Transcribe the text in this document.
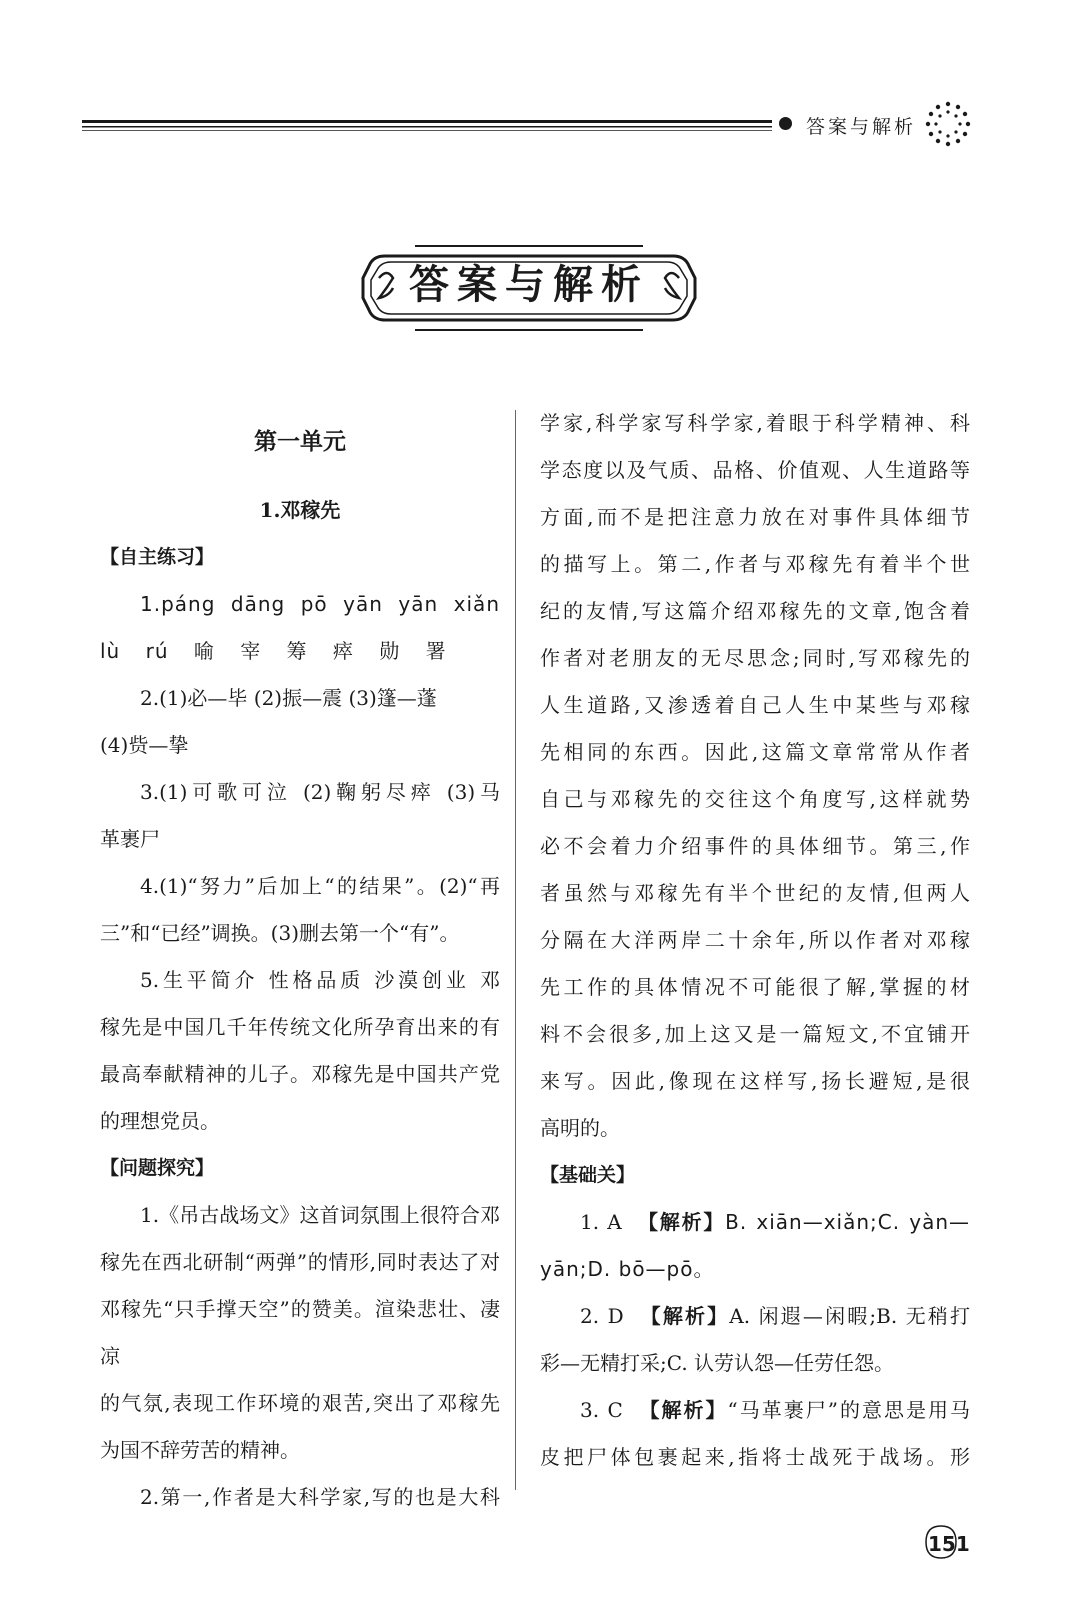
答案与解析
答案与解析
第一单元
1.邓稼先
【自主练习】
1.páng dāng pō yān yān xiǎn
lù rú 喻 宰 筹 瘁 勋 署
2.(1)必—毕 (2)振—震 (3)篷—蓬
(4)赀—挚
3.(1)可歌可泣 (2)鞠躬尽瘁 (3)马
革裹尸
4.(1)“努力”后加上“的结果”。(2)“再
三”和“已经”调换。(3)删去第一个“有”。
5.生平简介 性格品质 沙漠创业 邓
稼先是中国几千年传统文化所孕育出来的有
最高奉献精神的儿子。邓稼先是中国共产党
的理想党员。
【问题探究】
1.《吊古战场文》这首词氛围上很符合邓
稼先在西北研制“两弹”的情形,同时表达了对
邓稼先“只手撑天空”的赞美。渲染悲壮、凄凉
的气氛,表现工作环境的艰苦,突出了邓稼先
为国不辞劳苦的精神。
2.第一,作者是大科学家,写的也是大科
学家,科学家写科学家,着眼于科学精神、科
学态度以及气质、品格、价值观、人生道路等
方面,而不是把注意力放在对事件具体细节
的描写上。第二,作者与邓稼先有着半个世
纪的友情,写这篇介绍邓稼先的文章,饱含着
作者对老朋友的无尽思念;同时,写邓稼先的
人生道路,又渗透着自己人生中某些与邓稼
先相同的东西。因此,这篇文章常常从作者
自己与邓稼先的交往这个角度写,这样就势
必不会着力介绍事件的具体细节。第三,作
者虽然与邓稼先有半个世纪的友情,但两人
分隔在大洋两岸二十余年,所以作者对邓稼
先工作的具体情况不可能很了解,掌握的材
料不会很多,加上这又是一篇短文,不宜铺开
来写。因此,像现在这样写,扬长避短,是很
高明的。
【基础关】
1. A 【解析】B. xiān—xiǎn;C. yàn—
yān;D. bō—pō。
2. D 【解析】A. 闲遐—闲暇;B. 无稍打
彩—无精打采;C. 认劳认怨—任劳任怨。
3. C 【解析】“马革裹尸”的意思是用马
皮把尸体包裹起来,指将士战死于战场。形
151
